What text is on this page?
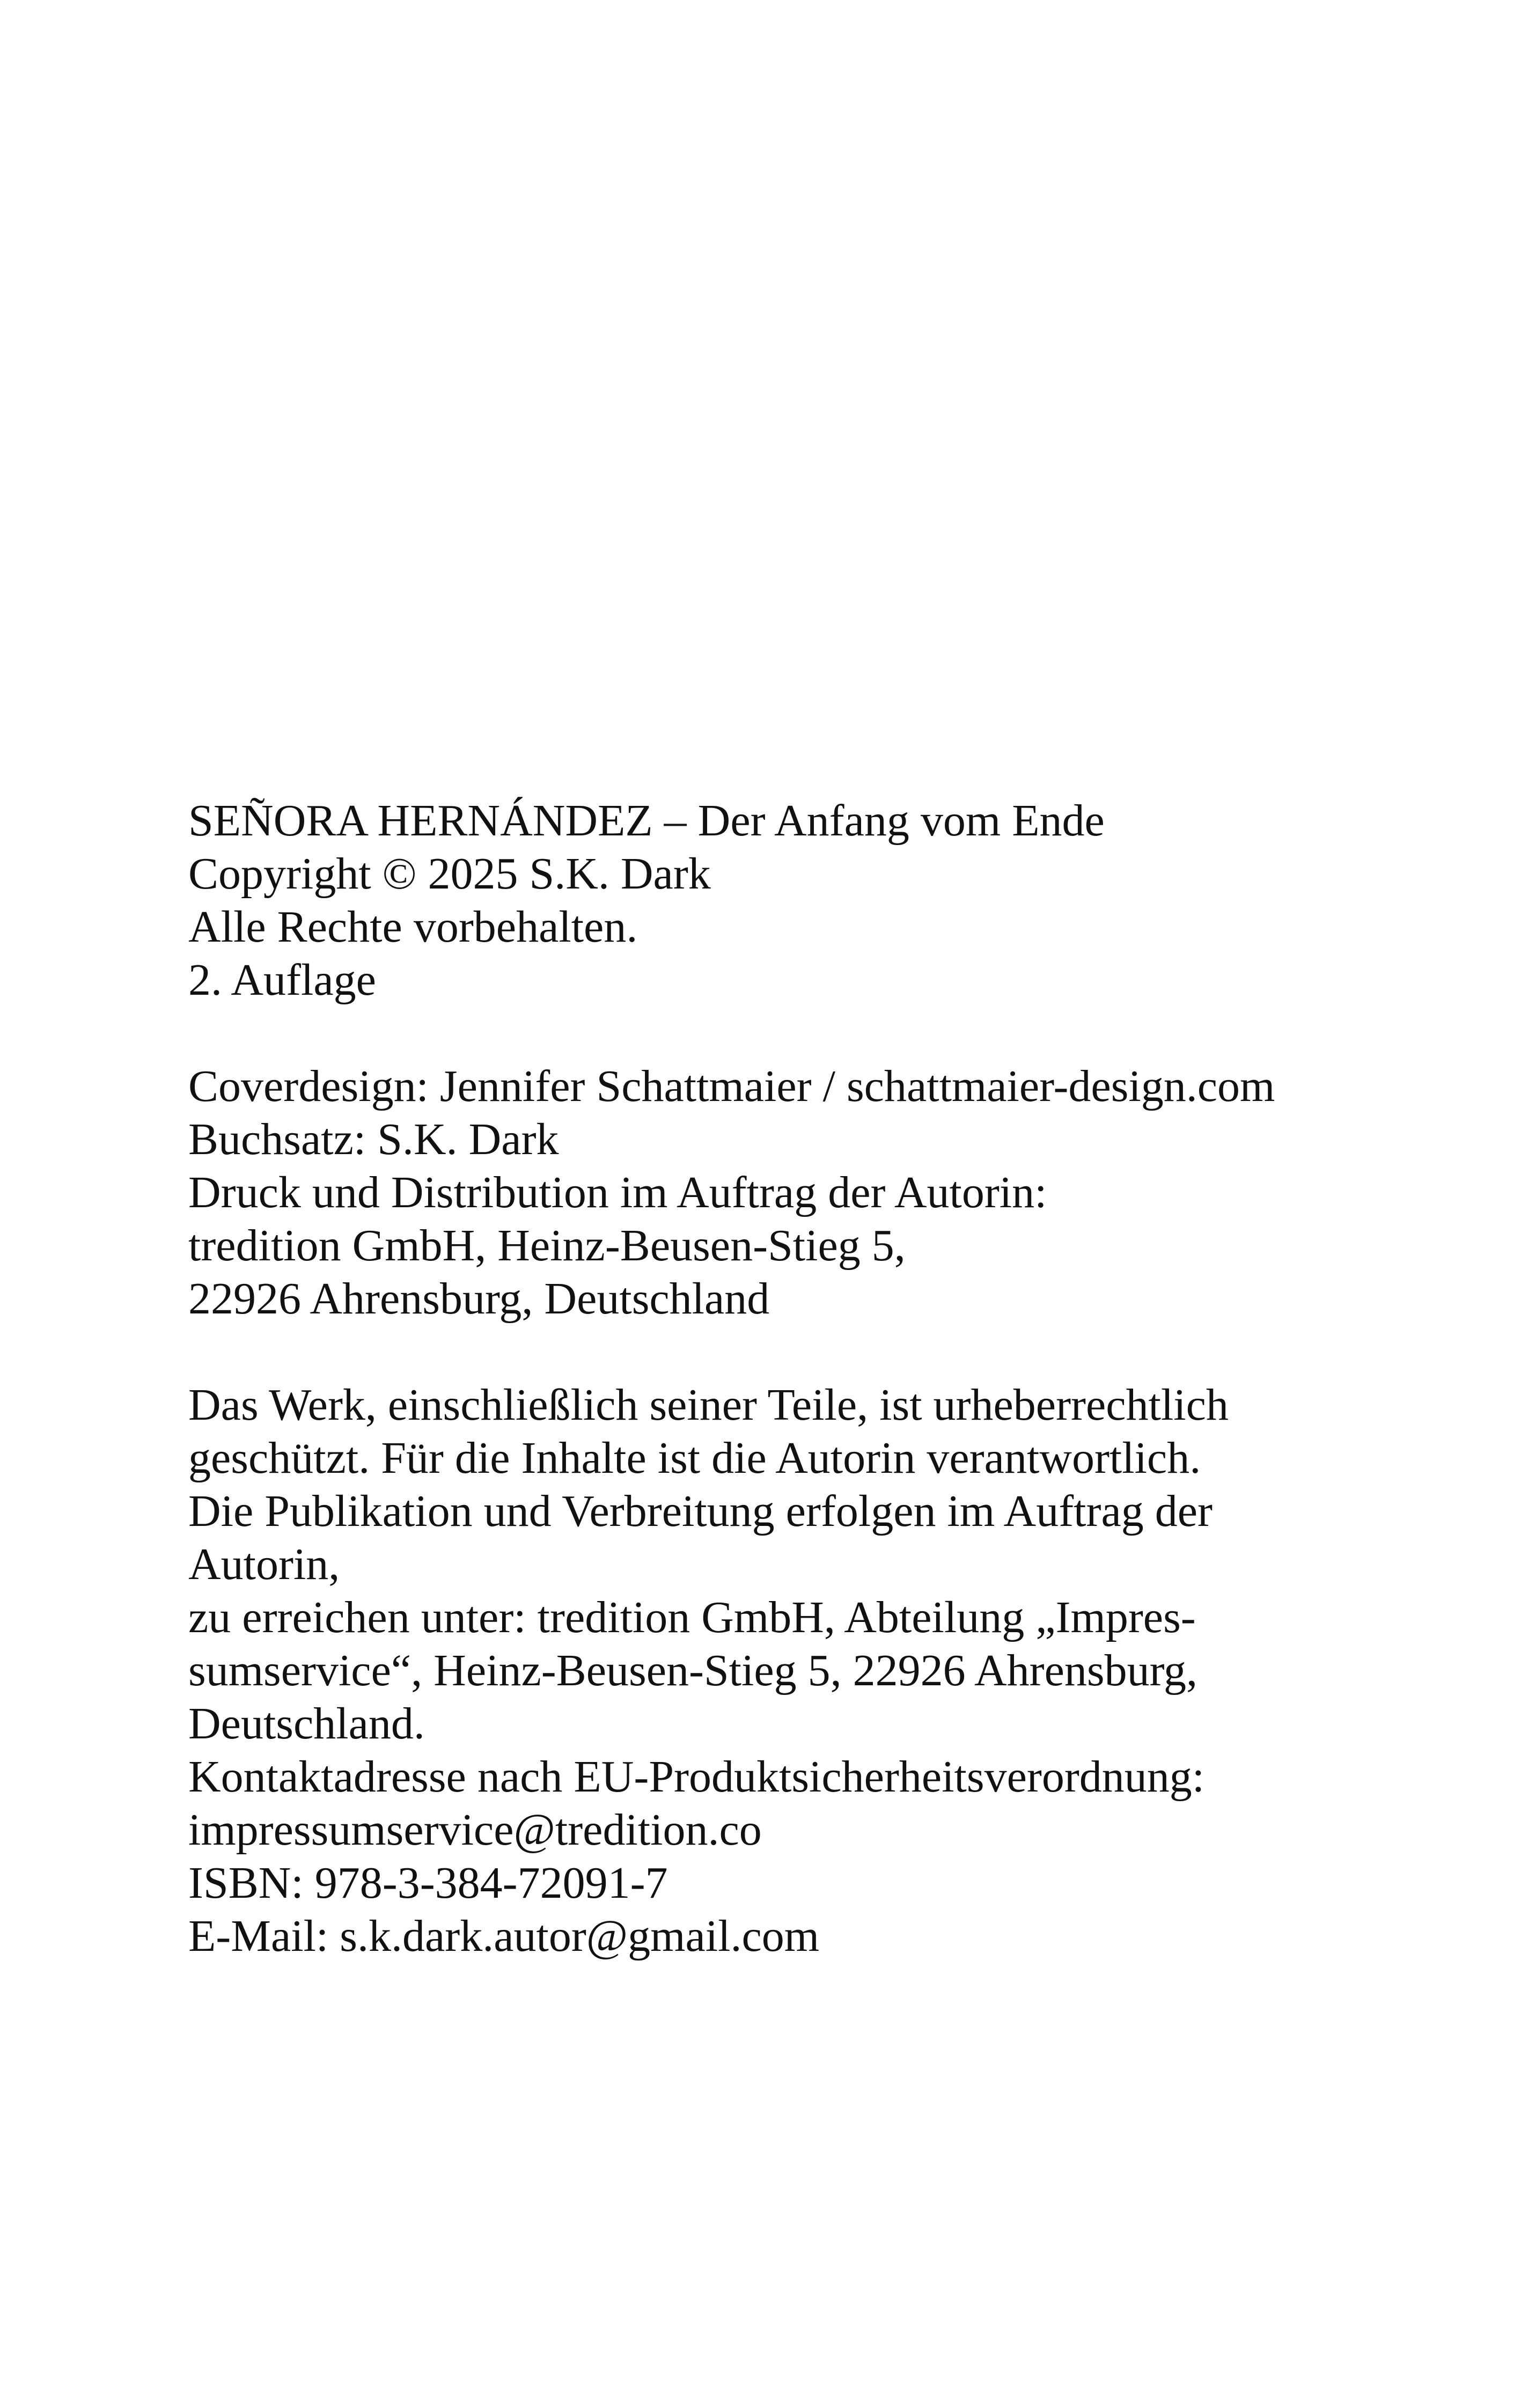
SEÑORA HERNÁNDEZ – Der Anfang vom Ende
Copyright © 2025 S.K. Dark
Alle Rechte vorbehalten.
2. Auflage
Coverdesign: Jennifer Schattmaier / schattmaier-design.com
Buchsatz: S.K. Dark
Druck und Distribution im Auftrag der Autorin:
tredition GmbH, Heinz-Beusen-Stieg 5,
22926 Ahrensburg, Deutschland
Das Werk, einschließlich seiner Teile, ist urheberrechtlich
geschützt. Für die Inhalte ist die Autorin verantwortlich.
Die Publikation und Verbreitung erfolgen im Auftrag der
Autorin,
zu erreichen unter: tredition GmbH, Abteilung „Impres-
sumservice“, Heinz-Beusen-Stieg 5, 22926 Ahrensburg,
Deutschland.
Kontaktadresse nach EU-Produktsicherheitsverordnung:
impressumservice@tredition.co
ISBN: 978-3-384-72091-7
E-Mail: s.k.dark.autor@gmail.com
